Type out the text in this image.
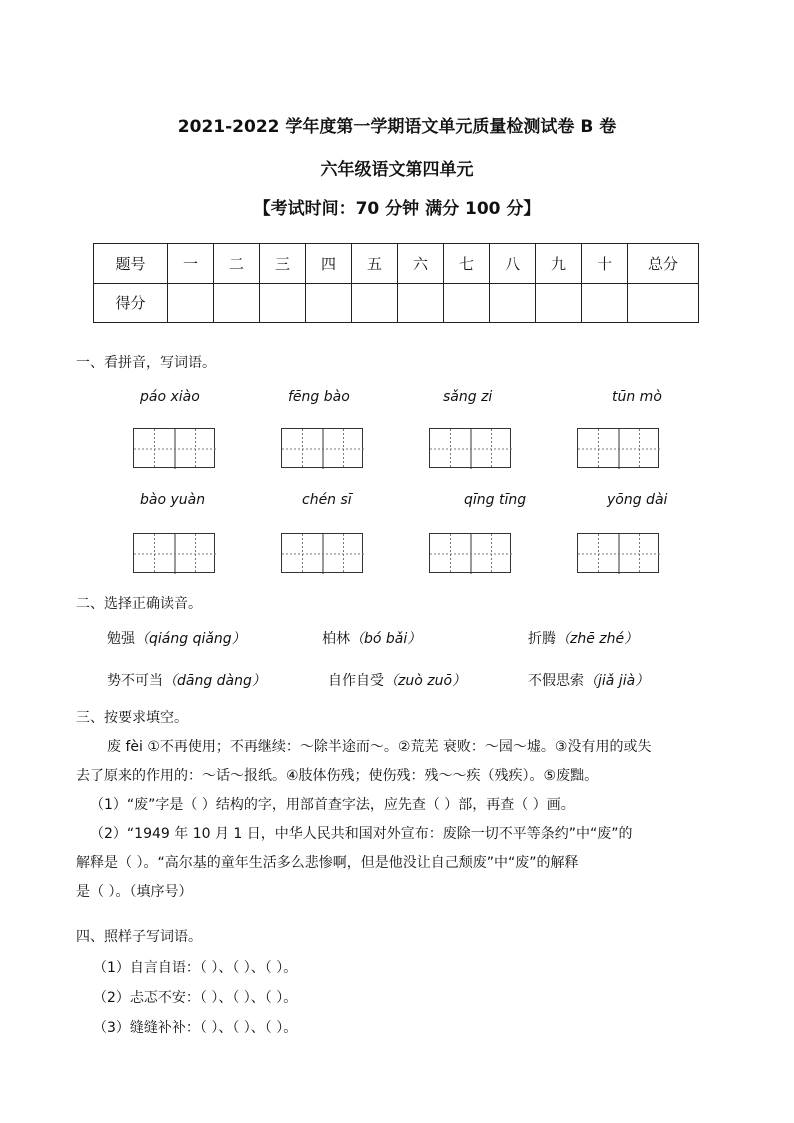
2021-2022 学年度第一学期语文单元质量检测试卷 B 卷
六年级语文第四单元
【考试时间：70 分钟 满分 100 分】
题号	一	二	三	四	五	六	七	八	九	十	总分
得分											
一、看拼音，写词语。
páo xiào	fēng bào	sǎng zi	tūn mò
bào yuàn	chén sī	qīng tīng	yōng dài
二、选择正确读音。
勉强（qiáng qiǎng）	柏林（bó bǎi）	折腾（zhē zhé）
势不可当（dāng dàng）	自作自受（zuò zuō）	不假思索（jiǎ jià）
三、按要求填空。
废 fèi ①不再使用；不再继续：～除半途而～。②荒芜 衰败：～园～墟。③没有用的或失
去了原来的作用的：～话～报纸。④肢体伤残；使伤残：残～～疾（残疾）。⑤废黜。
（1）“废”字是（ ）结构的字，用部首查字法，应先查（ ）部，再查（ ）画。
（2）“1949 年 10 月 1 日，中华人民共和国对外宣布：废除一切不平等条约”中“废”的
解释是（ ）。“高尔基的童年生活多么悲惨啊，但是他没让自己颓废”中“废”的解释
是（ ）。（填序号）
四、照样子写词语。
（1）自言自语：（ ）、（ ）、（ ）。
（2）忐忑不安：（ ）、（ ）、（ ）。
（3）缝缝补补：（ ）、（ ）、（ ）。
